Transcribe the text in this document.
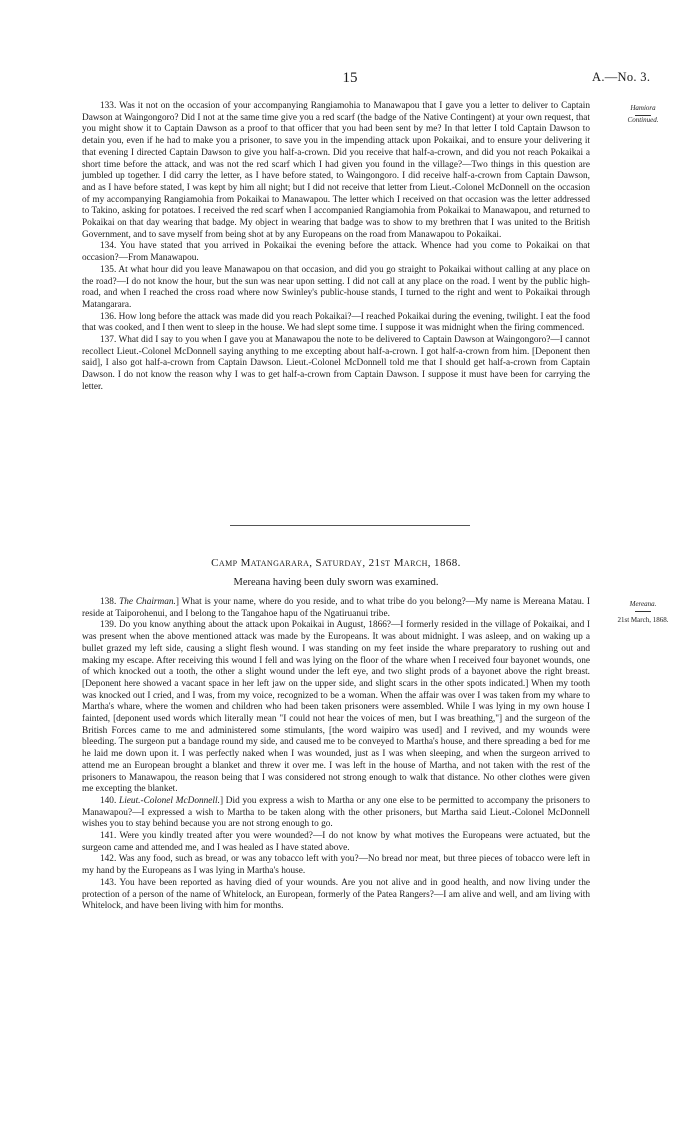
15	A.—No. 3.
Hamiora
Continued.

133. Was it not on the occasion of your accompanying Rangiamohia to Manawapou that I gave you a letter to deliver to Captain Dawson at Waingongoro? Did I not at the same time give you a red scarf (the badge of the Native Contingent) at your own request, that you might show it to Captain Dawson as a proof to that officer that you had been sent by me? In that letter I told Captain Dawson to detain you, even if he had to make you a prisoner, to save you in the impending attack upon Pokaikai, and to ensure your delivering it that evening I directed Captain Dawson to give you half-a-crown. Did you receive that half-a-crown, and did you not reach Pokaikai a short time before the attack, and was not the red scarf which I had given you found in the village?—Two things in this question are jumbled up together. I did carry the letter, as I have before stated, to Waingongoro. I did receive half-a-crown from Captain Dawson, and as I have before stated, I was kept by him all night; but I did not receive that letter from Lieut.-Colonel McDonnell on the occasion of my accompanying Rangiamohia from Pokaikai to Manawapou. The letter which I received on that occasion was the letter addressed to Takino, asking for potatoes. I received the red scarf when I accompanied Rangiamohia from Pokaikai to Manawapou, and returned to Pokaikai on that day wearing that badge. My object in wearing that badge was to show to my brethren that I was united to the British Government, and to save myself from being shot at by any Europeans on the road from Manawapou to Pokaikai.

134. You have stated that you arrived in Pokaikai the evening before the attack. Whence had you come to Pokaikai on that occasion?—From Manawapou.

135. At what hour did you leave Manawapou on that occasion, and did you go straight to Pokaikai without calling at any place on the road?—I do not know the hour, but the sun was near upon setting. I did not call at any place on the road. I went by the public high-road, and when I reached the cross road where now Swinley's public-house stands, I turned to the right and went to Pokaikai through Matangarara.

136. How long before the attack was made did you reach Pokaikai?—I reached Pokaikai during the evening, twilight. I eat the food that was cooked, and I then went to sleep in the house. We had slept some time. I suppose it was midnight when the firing commenced.

137. What did I say to you when I gave you at Manawapou the note to be delivered to Captain Dawson at Waingongoro?—I cannot recollect Lieut.-Colonel McDonnell saying anything to me excepting about half-a-crown. I got half-a-crown from him. [Deponent then said], I also got half-a-crown from Captain Dawson. Lieut.-Colonel McDonnell told me that I should get half-a-crown from Captain Dawson. I do not know the reason why I was to get half-a-crown from Captain Dawson. I suppose it must have been for carrying the letter.

Camp Matangarara, Saturday, 21st March, 1868.
Mereana having been duly sworn was examined.
Mereana.
21st March, 1868.

138. The Chairman.] What is your name, where do you reside, and to what tribe do you belong?—My name is Mereana Matau. I reside at Taiporohenui, and I belong to the Tangahoe hapu of the Ngatiruanui tribe.

139. Do you know anything about the attack upon Pokaikai in August, 1866?—I formerly resided in the village of Pokaikai, and I was present when the above mentioned attack was made by the Europeans. It was about midnight. I was asleep, and on waking up a bullet grazed my left side, causing a slight flesh wound. I was standing on my feet inside the whare preparatory to rushing out and making my escape. After receiving this wound I fell and was lying on the floor of the whare when I received four bayonet wounds, one of which knocked out a tooth, the other a slight wound under the left eye, and two slight prods of a bayonet above the right breast. [Deponent here showed a vacant space in her left jaw on the upper side, and slight scars in the other spots indicated.] When my tooth was knocked out I cried, and I was, from my voice, recognized to be a woman. When the affair was over I was taken from my whare to Martha's whare, where the women and children who had been taken prisoners were assembled. While I was lying in my own house I fainted, [deponent used words which literally mean "I could not hear the voices of men, but I was breathing,"] and the surgeon of the British Forces came to me and administered some stimulants, [the word waipiro was used] and I revived, and my wounds were bleeding. The surgeon put a bandage round my side, and caused me to be conveyed to Martha's house, and there spreading a bed for me he laid me down upon it. I was perfectly naked when I was wounded, just as I was when sleeping, and when the surgeon arrived to attend me an European brought a blanket and threw it over me. I was left in the house of Martha, and not taken with the rest of the prisoners to Manawapou, the reason being that I was considered not strong enough to walk that distance. No other clothes were given me excepting the blanket.

140. Lieut.-Colonel McDonnell.] Did you express a wish to Martha or any one else to be permitted to accompany the prisoners to Manawapou?—I expressed a wish to Martha to be taken along with the other prisoners, but Martha said Lieut.-Colonel McDonnell wishes you to stay behind because you are not strong enough to go.

141. Were you kindly treated after you were wounded?—I do not know by what motives the Europeans were actuated, but the surgeon came and attended me, and I was healed as I have stated above.

142. Was any food, such as bread, or was any tobacco left with you?—No bread nor meat, but three pieces of tobacco were left in my hand by the Europeans as I was lying in Martha's house.

143. You have been reported as having died of your wounds. Are you not alive and in good health, and now living under the protection of a person of the name of Whitelock, an European, formerly of the Patea Rangers?—I am alive and well, and am living with Whitelock, and have been living with him for months.
